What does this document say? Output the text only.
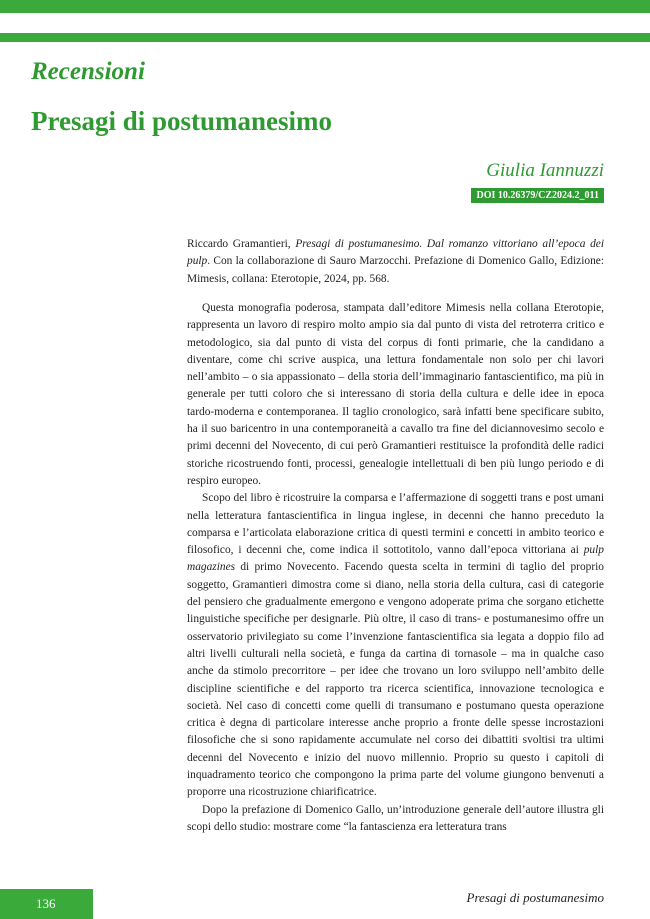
Recensioni
Presagi di postumanesimo
Giulia Iannuzzi
DOI 10.26379/CZ2024.2_011

Riccardo Gramantieri, Presagi di postumanesimo. Dal romanzo vittoriano all’epoca dei pulp. Con la collaborazione di Sauro Marzocchi. Prefazione di Domenico Gallo, Edizione: Mimesis, collana: Eterotopie, 2024, pp. 568.

Questa monografia poderosa, stampata dall’editore Mimesis nella collana Eterotopie, rappresenta un lavoro di respiro molto ampio sia dal punto di vista del retroterra critico e metodologico, sia dal punto di vista del corpus di fonti primarie, che la candidano a diventare, come chi scrive auspica, una lettura fondamentale non solo per chi lavori nell’ambito – o sia appassionato – della storia dell’immaginario fantascientifico, ma più in generale per tutti coloro che si interessano di storia della cultura e delle idee in epoca tardo-moderna e contemporanea. Il taglio cronologico, sarà infatti bene specificare subito, ha il suo baricentro in una contemporaneità a cavallo tra fine del diciannovesimo secolo e primi decenni del Novecento, di cui però Gramantieri restituisce la profondità delle radici storiche ricostruendo fonti, processi, genealogie intellettuali di ben più lungo periodo e di respiro europeo.

Scopo del libro è ricostruire la comparsa e l’affermazione di soggetti trans e post umani nella letteratura fantascientifica in lingua inglese, in decenni che hanno preceduto la comparsa e l’articolata elaborazione critica di questi termini e concetti in ambito teorico e filosofico, i decenni che, come indica il sottotitolo, vanno dall’epoca vittoriana ai pulp magazines di primo Novecento. Facendo questa scelta in termini di taglio del proprio soggetto, Gramantieri dimostra come si diano, nella storia della cultura, casi di categorie del pensiero che gradualmente emergono e vengono adoperate prima che sorgano etichette linguistiche specifiche per designarle. Più oltre, il caso di trans- e postumanesimo offre un osservatorio privilegiato su come l’invenzione fantascientifica sia legata a doppio filo ad altri livelli culturali nella società, e funga da cartina di tornasole – ma in qualche caso anche da stimolo precorritore – per idee che trovano un loro sviluppo nell’ambito delle discipline scientifiche e del rapporto tra ricerca scientifica, innovazione tecnologica e società. Nel caso di concetti come quelli di transumano e postumano questa operazione critica è degna di particolare interesse anche proprio a fronte delle spesse incrostazioni filosofiche che si sono rapidamente accumulate nel corso dei dibattiti svoltisi tra ultimi decenni del Novecento e inizio del nuovo millennio. Proprio su questo i capitoli di inquadramento teorico che compongono la prima parte del volume giungono benvenuti a proporre una ricostruzione chiarificatrice.

Dopo la prefazione di Domenico Gallo, un’introduzione generale dell’autore illustra gli scopi dello studio: mostrare come “la fantascienza era letteratura trans

136	Presagi di postumanesimo
